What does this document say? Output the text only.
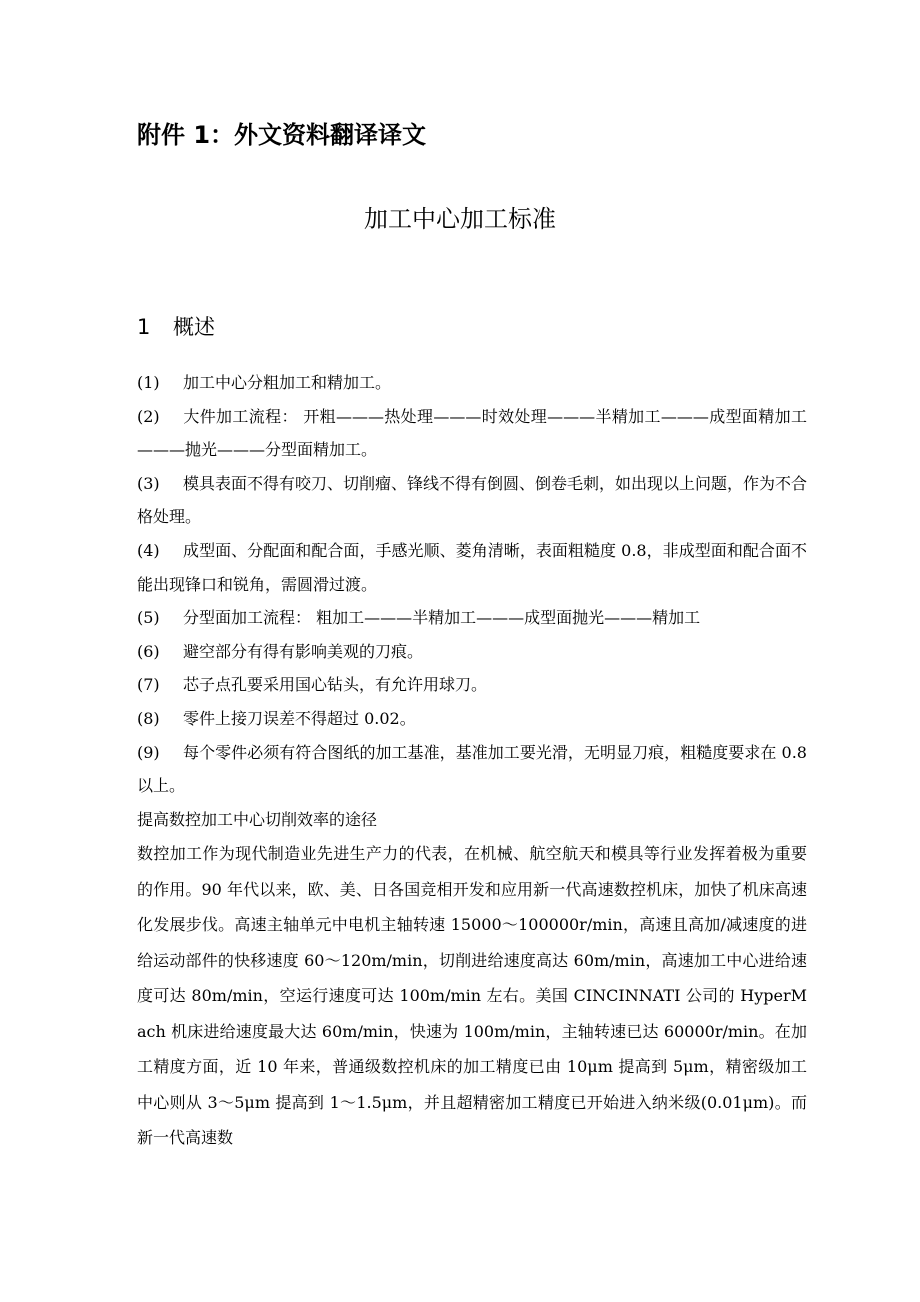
附件 1：外文资料翻译译文
加工中心加工标准
1 概述
(1) 加工中心分粗加工和精加工。
(2) 大件加工流程： 开粗———热处理———时效处理———半精加工———成型面精加工———抛光———分型面精加工。
(3) 模具表面不得有咬刀、切削瘤、锋线不得有倒圆、倒卷毛刺，如出现以上问题，作为不合格处理。
(4) 成型面、分配面和配合面，手感光顺、菱角清晰，表面粗糙度 0.8，非成型面和配合面不能出现锋口和锐角，需圆滑过渡。
(5) 分型面加工流程： 粗加工———半精加工———成型面抛光———精加工
(6) 避空部分有得有影响美观的刀痕。
(7) 芯子点孔要采用国心钻头，有允许用球刀。
(8) 零件上接刀误差不得超过 0.02。
(9) 每个零件必须有符合图纸的加工基准，基准加工要光滑，无明显刀痕，粗糙度要求在 0.8 以上。
提高数控加工中心切削效率的途径
数控加工作为现代制造业先进生产力的代表，在机械、航空航天和模具等行业发挥着极为重要的作用。90 年代以来，欧、美、日各国竞相开发和应用新一代高速数控机床，加快了机床高速化发展步伐。高速主轴单元中电机主轴转速 15000～100000r/min，高速且高加/减速度的进给运动部件的快移速度 60～120m/min，切削进给速度高达 60m/min，高速加工中心进给速度可达 80m/min，空运行速度可达 100m/min 左右。美国 CINCINNATI 公司的 HyperMach 机床进给速度最大达 60m/min，快速为 100m/min，主轴转速已达 60000r/min。在加工精度方面，近 10 年来，普通级数控机床的加工精度已由 10μm 提高到 5μm，精密级加工中心则从 3～5μm 提高到 1～1.5μm，并且超精密加工精度已开始进入纳米级(0.01μm)。而新一代高速数
